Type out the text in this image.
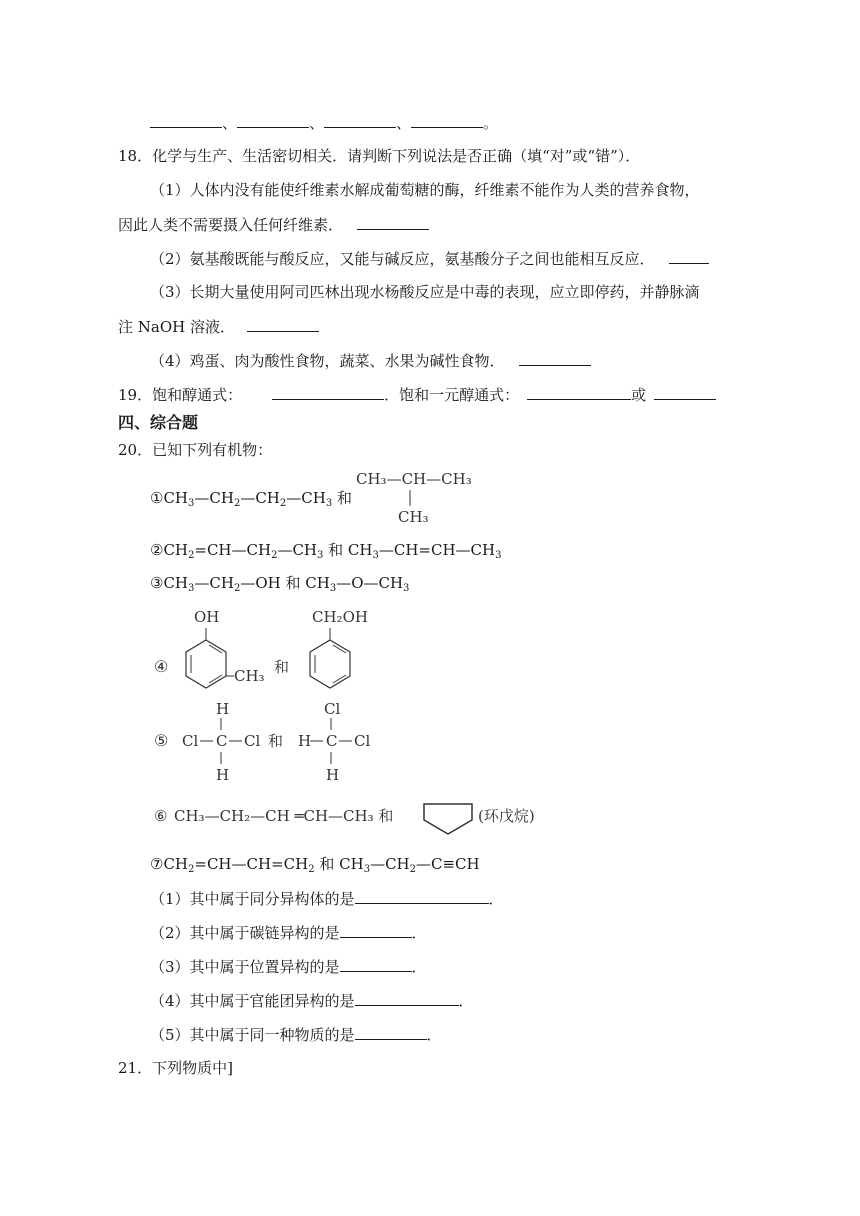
、	、	、	。
18．化学与生产、生活密切相关．请判断下列说法是否正确（填“对”或“错”）．
（1）人体内没有能使纤维素水解成葡萄糖的酶，纤维素不能作为人类的营养食物，
因此人类不需要摄入任何纤维素．
（2）氨基酸既能与酸反应，又能与碱反应，氨基酸分子之间也能相互反应．
（3）长期大量使用阿司匹林出现水杨酸反应是中毒的表现，应立即停药，并静脉滴
注 NaOH 溶液．
（4）鸡蛋、肉为酸性食物，蔬菜、水果为碱性食物．
19．饱和醇通式：	．饱和一元醇通式：	或
四、综合题
20．已知下列有机物：
$①CH_3—CH_2—CH_2—CH_3$ 和
CH₃—CH—CH₃
CH₃
$②CH_2=CH—CH_2—CH_3$ 和 $CH_3—CH=CH—CH_3$
$③CH_3—CH_2—OH$ 和 $CH_3—O—CH_3$
④
OH
CH₃ 和
CH₂OH
⑤
H
Cl C Cl
H
和
Cl
H C Cl
H
⑥ CH₃—CH₂—CH ═CH—CH₃ 和	(环戊烷)
$⑦CH_2=CH—CH=CH_2$ 和 $CH_3—CH_2—C\equiv CH$
（1）其中属于同分异构体的是	．
（2）其中属于碳链异构的是	．
（3）其中属于位置异构的是	．
（4）其中属于官能团异构的是	．
（5）其中属于同一种物质的是	．
21．下列物质中]
